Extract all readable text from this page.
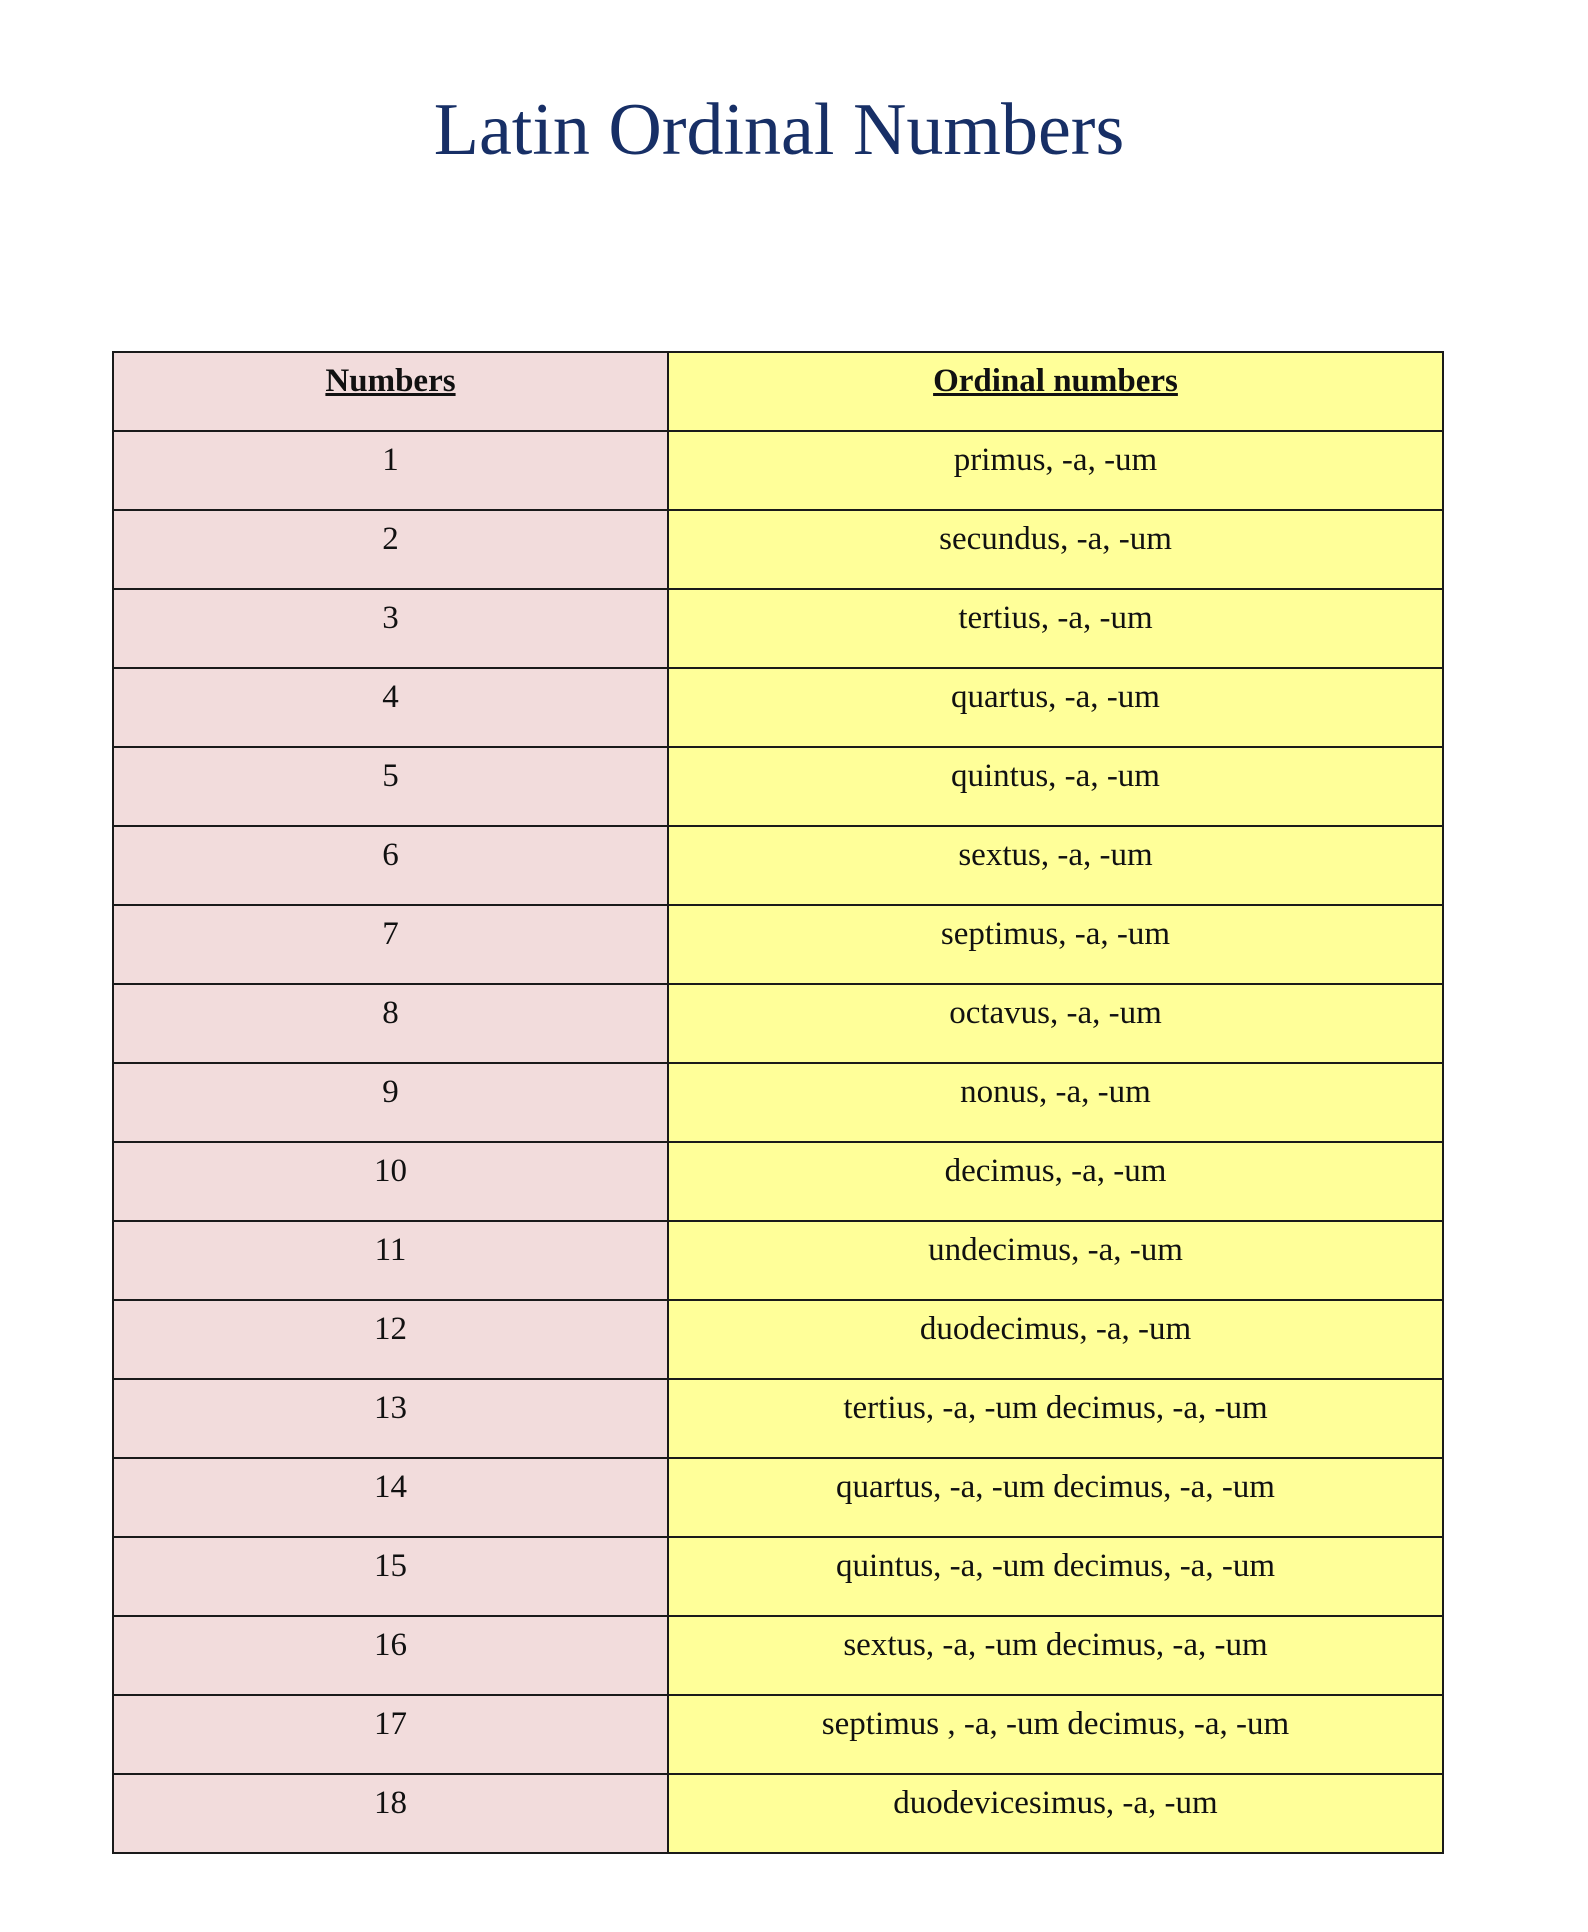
Latin Ordinal Numbers
Numbers	Ordinal numbers
1	primus, -a, -um
2	secundus, -a, -um
3	tertius, -a, -um
4	quartus, -a, -um
5	quintus, -a, -um
6	sextus, -a, -um
7	septimus, -a, -um
8	octavus, -a, -um
9	nonus, -a, -um
10	decimus, -a, -um
11	undecimus, -a, -um
12	duodecimus, -a, -um
13	tertius, -a, -um decimus, -a, -um
14	quartus, -a, -um decimus, -a, -um
15	quintus, -a, -um decimus, -a, -um
16	sextus, -a, -um decimus, -a, -um
17	septimus , -a, -um decimus, -a, -um
18	duodevicesimus, -a, -um
